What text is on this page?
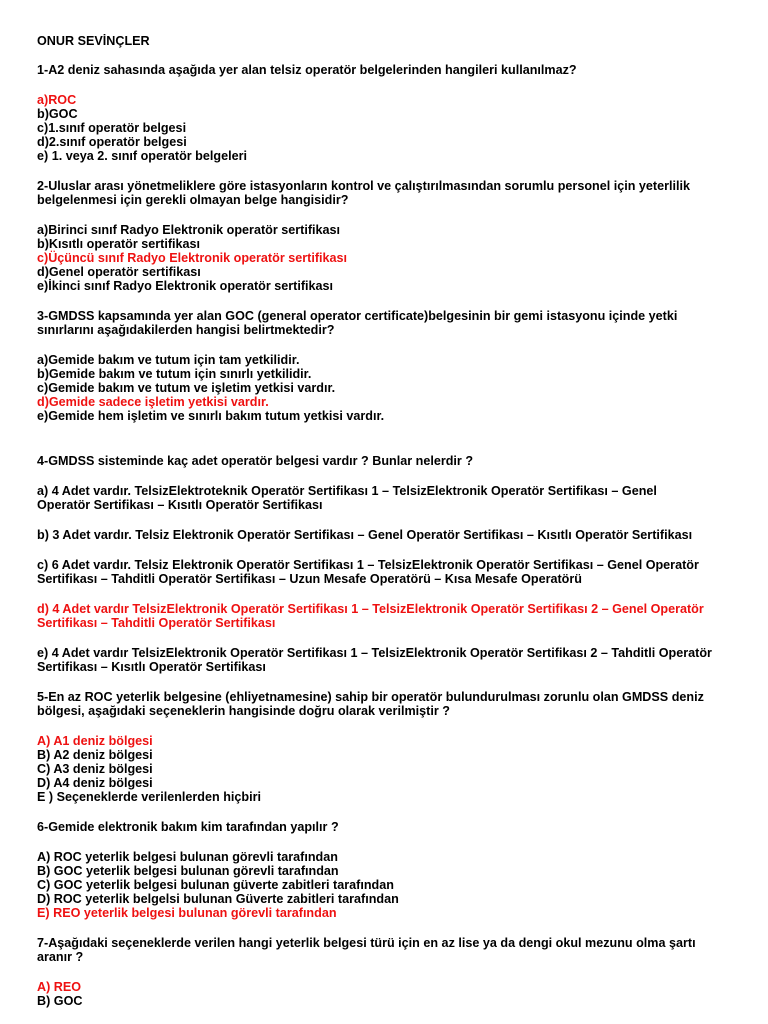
ONUR SEVİNÇLER
1-A2 deniz sahasında aşağıda yer alan telsiz operatör belgelerinden hangileri kullanılmaz?
a)ROC
b)GOC
c)1.sınıf operatör belgesi
d)2.sınıf operatör belgesi
e) 1. veya 2. sınıf operatör belgeleri
2-Uluslar arası yönetmeliklere göre istasyonların kontrol ve çalıştırılmasından sorumlu personel için yeterlilik belgelenmesi için gerekli olmayan belge hangisidir?
a)Birinci sınıf Radyo Elektronik operatör sertifikası
b)Kısıtlı operatör sertifikası
c)Üçüncü sınıf Radyo Elektronik operatör sertifikası
d)Genel operatör sertifikası
e)İkinci sınıf Radyo Elektronik operatör sertifikası
3-GMDSS kapsamında yer alan GOC (general operator certificate)belgesinin bir gemi istasyonu içinde yetki sınırlarını aşağıdakilerden hangisi belirtmektedir?
a)Gemide bakım ve tutum için tam yetkilidir.
b)Gemide bakım ve tutum için sınırlı yetkilidir.
c)Gemide bakım ve tutum ve işletim yetkisi vardır.
d)Gemide sadece işletim yetkisi vardır.
e)Gemide hem işletim ve sınırlı bakım tutum yetkisi vardır.
4-GMDSS sisteminde kaç adet operatör belgesi vardır ? Bunlar nelerdir ?
a) 4 Adet vardır. TelsizElektroteknik Operatör Sertifikası 1 – TelsizElektronik Operatör Sertifikası – Genel Operatör Sertifikası – Kısıtlı Operatör Sertifikası
b) 3 Adet vardır. Telsiz Elektronik Operatör Sertifikası – Genel Operatör Sertifikası – Kısıtlı Operatör Sertifikası
c) 6 Adet vardır. Telsiz Elektronik Operatör Sertifikası 1 – TelsizElektronik Operatör Sertifikası – Genel Operatör Sertifikası – Tahditli Operatör Sertifikası – Uzun Mesafe Operatörü – Kısa Mesafe Operatörü
d) 4 Adet vardır TelsizElektronik Operatör Sertifikası 1 – TelsizElektronik Operatör Sertifikası 2 – Genel Operatör Sertifikası – Tahditli Operatör Sertifikası
e) 4 Adet vardır TelsizElektronik Operatör Sertifikası 1 – TelsizElektronik Operatör Sertifikası 2 – Tahditli Operatör Sertifikası – Kısıtlı Operatör Sertifikası
5-En az ROC yeterlik belgesine (ehliyetnamesine) sahip bir operatör bulundurulması zorunlu olan GMDSS deniz bölgesi, aşağıdaki seçeneklerin hangisinde doğru olarak verilmiştir ?
A) A1 deniz bölgesi
B) A2 deniz bölgesi
C) A3 deniz bölgesi
D) A4 deniz bölgesi
E ) Seçeneklerde verilenlerden hiçbiri
6-Gemide elektronik bakım kim tarafından yapılır ?
A) ROC yeterlik belgesi bulunan görevli tarafından
B) GOC yeterlik belgesi bulunan görevli tarafından
C) GOC yeterlik belgesi bulunan güverte zabitleri tarafından
D) ROC yeterlik belgelsi bulunan Güverte zabitleri tarafından
E) REO yeterlik belgesi bulunan görevli tarafından
7-Aşağıdaki seçeneklerde verilen hangi yeterlik belgesi türü için en az lise ya da dengi okul mezunu olma şartı aranır ?
A) REO
B) GOC
